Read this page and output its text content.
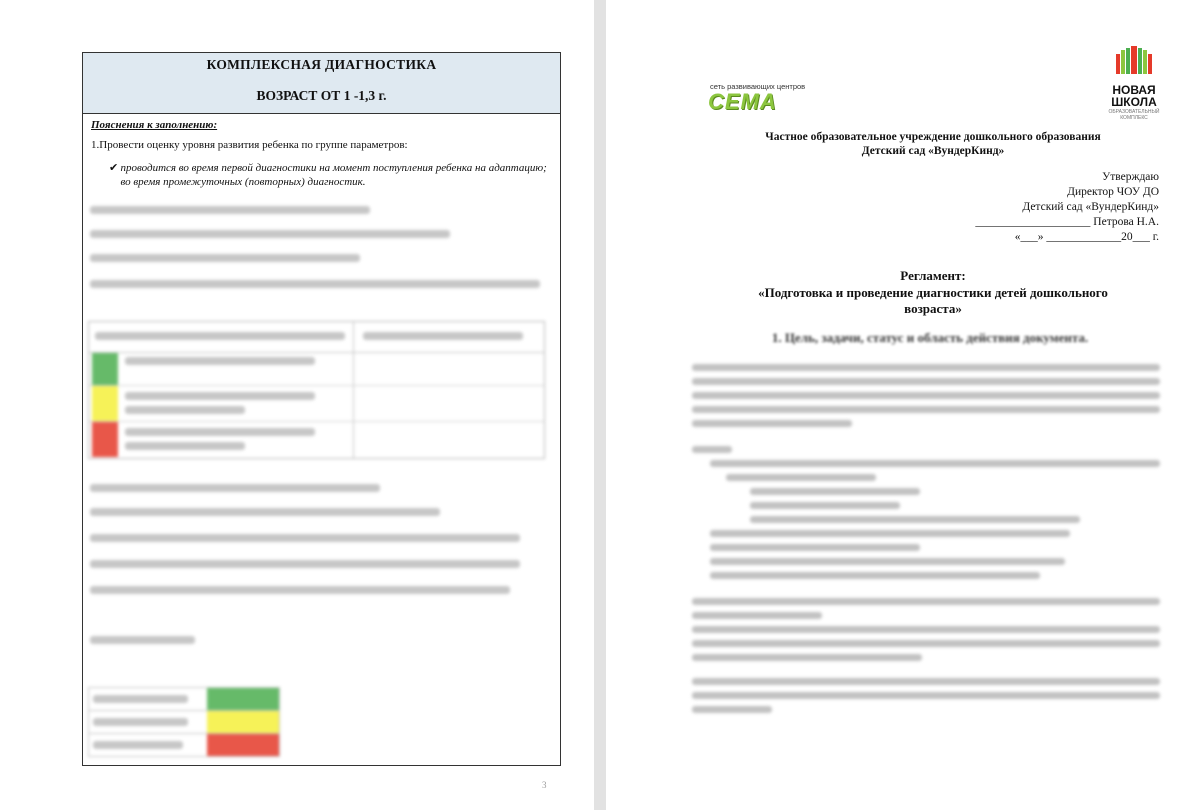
КОМПЛЕКСНАЯ ДИАГНОСТИКА
ВОЗРАСТ ОТ 1 -1,3 г.
Пояснения к заполнению:
1.Провести оценку уровня развития ребенка по группе параметров:
✔ проводится во время первой диагностики на момент поступления ребенка на адаптацию; во время промежуточных (повторных) диагностик.
3
сеть развивающих центров
СЕМА	НОВАЯ
ШКОЛА
ОБРАЗОВАТЕЛЬНЫЙ КОМПЛЕКС
Частное образовательное учреждение дошкольного образования
Детский сад «ВундерКинд»
Утверждаю
Директор ЧОУ ДО
Детский сад «ВундерКинд»
____________________ Петрова Н.А.
«___» _____________20___ г.
Регламент:
«Подготовка и проведение диагностики детей дошкольного
возраста»
1. Цель, задачи, статус и область действия документа.
